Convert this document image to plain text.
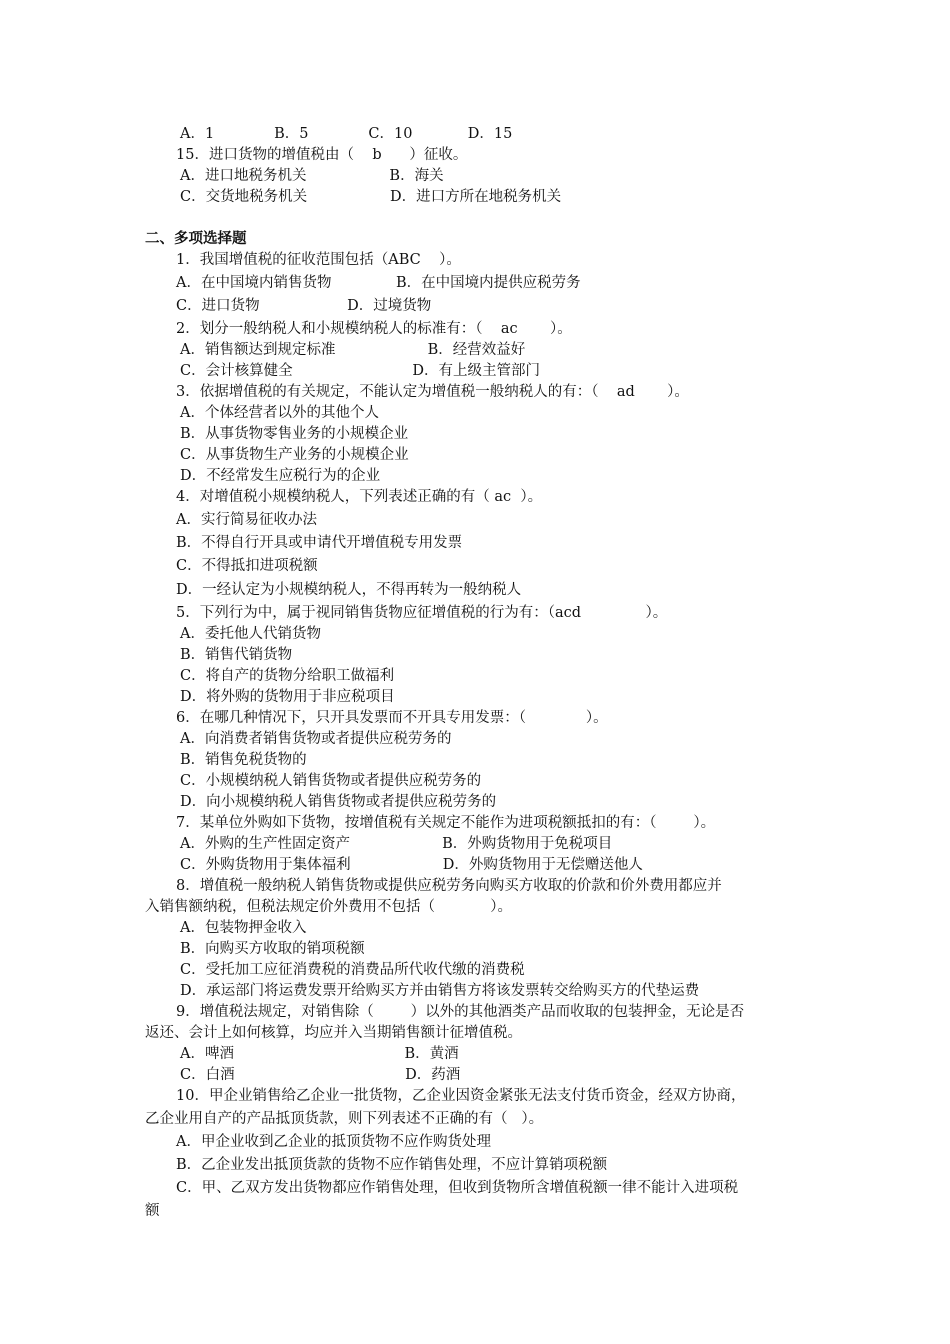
A．1             B．5             C．10            D．15
15．进口货物的增值税由（    b      ）征收。
A．进口地税务机关                  B．海关
C．交货地税务机关                  D．进口方所在地税务机关
二、多项选择题
1．我国增值税的征收范围包括（ABC    ）。
A．在中国境内销售货物              B．在中国境内提供应税劳务
C．进口货物                   D．过境货物
2．划分一般纳税人和小规模纳税人的标准有：（    ac       ）。
A．销售额达到规定标准                    B．经营效益好
C．会计核算健全                          D．有上级主管部门
3．依据增值税的有关规定，不能认定为增值税一般纳税人的有：（    ad       ）。
A．个体经营者以外的其他个人
B．从事货物零售业务的小规模企业
C．从事货物生产业务的小规模企业
D．不经常发生应税行为的企业
4．对增值税小规模纳税人，下列表述正确的有（ ac  ）。
A．实行简易征收办法
B．不得自行开具或申请代开增值税专用发票
C．不得抵扣进项税额
D．一经认定为小规模纳税人，不得再转为一般纳税人
5．下列行为中，属于视同销售货物应征增值税的行为有：（acd              ）。
A．委托他人代销货物
B．销售代销货物
C．将自产的货物分给职工做福利
D．将外购的货物用于非应税项目
6．在哪几种情况下，只开具发票而不开具专用发票：（             ）。
A．向消费者销售货物或者提供应税劳务的
B．销售免税货物的
C．小规模纳税人销售货物或者提供应税劳务的
D．向小规模纳税人销售货物或者提供应税劳务的
7．某单位外购如下货物，按增值税有关规定不能作为进项税额抵扣的有：（        ）。
A．外购的生产性固定资产                    B．外购货物用于免税项目
C．外购货物用于集体福利                    D．外购货物用于无偿赠送他人
8．增值税一般纳税人销售货物或提供应税劳务向购买方收取的价款和价外费用都应并
入销售额纳税，但税法规定价外费用不包括（            ）。
A．包装物押金收入
B．向购买方收取的销项税额
C．受托加工应征消费税的消费品所代收代缴的消费税
D．承运部门将运费发票开给购买方并由销售方将该发票转交给购买方的代垫运费
9．增值税法规定，对销售除（        ）以外的其他酒类产品而收取的包装押金，无论是否
返还、会计上如何核算，均应并入当期销售额计征增值税。
A．啤酒                                     B．黄酒
C．白酒                                     D．药酒
10．甲企业销售给乙企业一批货物，乙企业因资金紧张无法支付货币资金，经双方协商，
乙企业用自产的产品抵顶货款，则下列表述不正确的有（   ）。
A．甲企业收到乙企业的抵顶货物不应作购货处理
B．乙企业发出抵顶货款的货物不应作销售处理，不应计算销项税额
C．甲、乙双方发出货物都应作销售处理，但收到货物所含增值税额一律不能计入进项税
额
